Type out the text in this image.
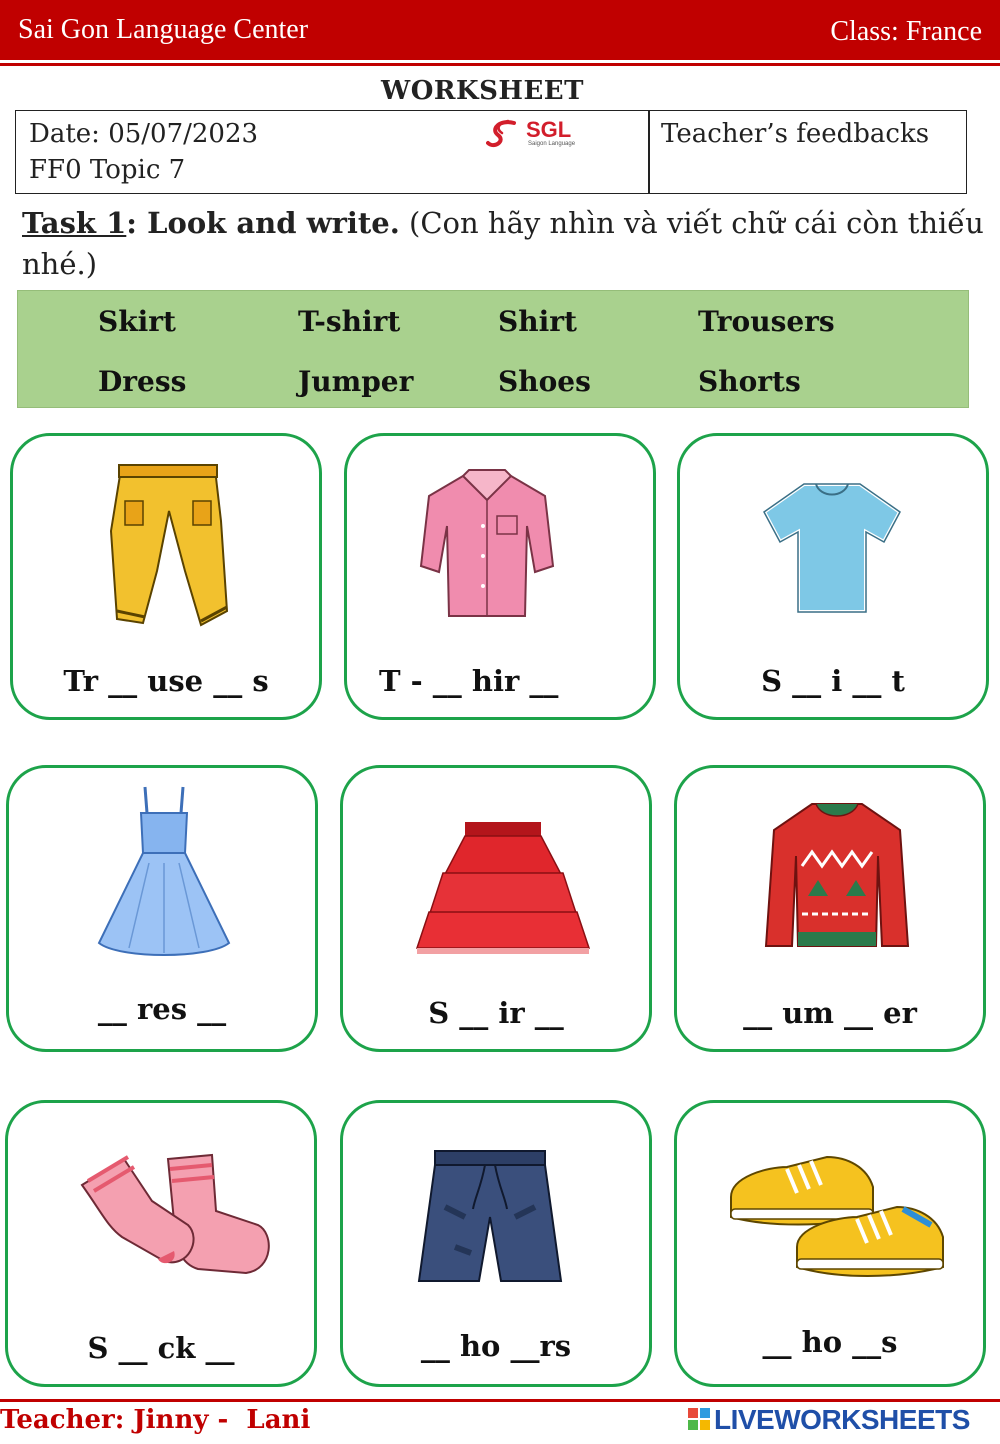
Sai Gon Language Center	Class: France
WORKSHEET
Date: 05/07/2023
FF0 Topic 7
SGL
Saigon Language	Teacher’s feedbacks
Task 1: Look and write. (Con hãy nhìn và viết chữ cái còn thiếu nhé.)
Skirt	T-shirt	Shirt	Trousers
Dress	Jumper	Shoes	Shorts
Tr __ use __ s	T - __ hir __	S __ i __ t
__ res __	S __ ir __	__ um __ er
S __ ck __	__ ho __rs	__ ho __s
Teacher: Jinny -  Lani	LIVEWORKSHEETS
